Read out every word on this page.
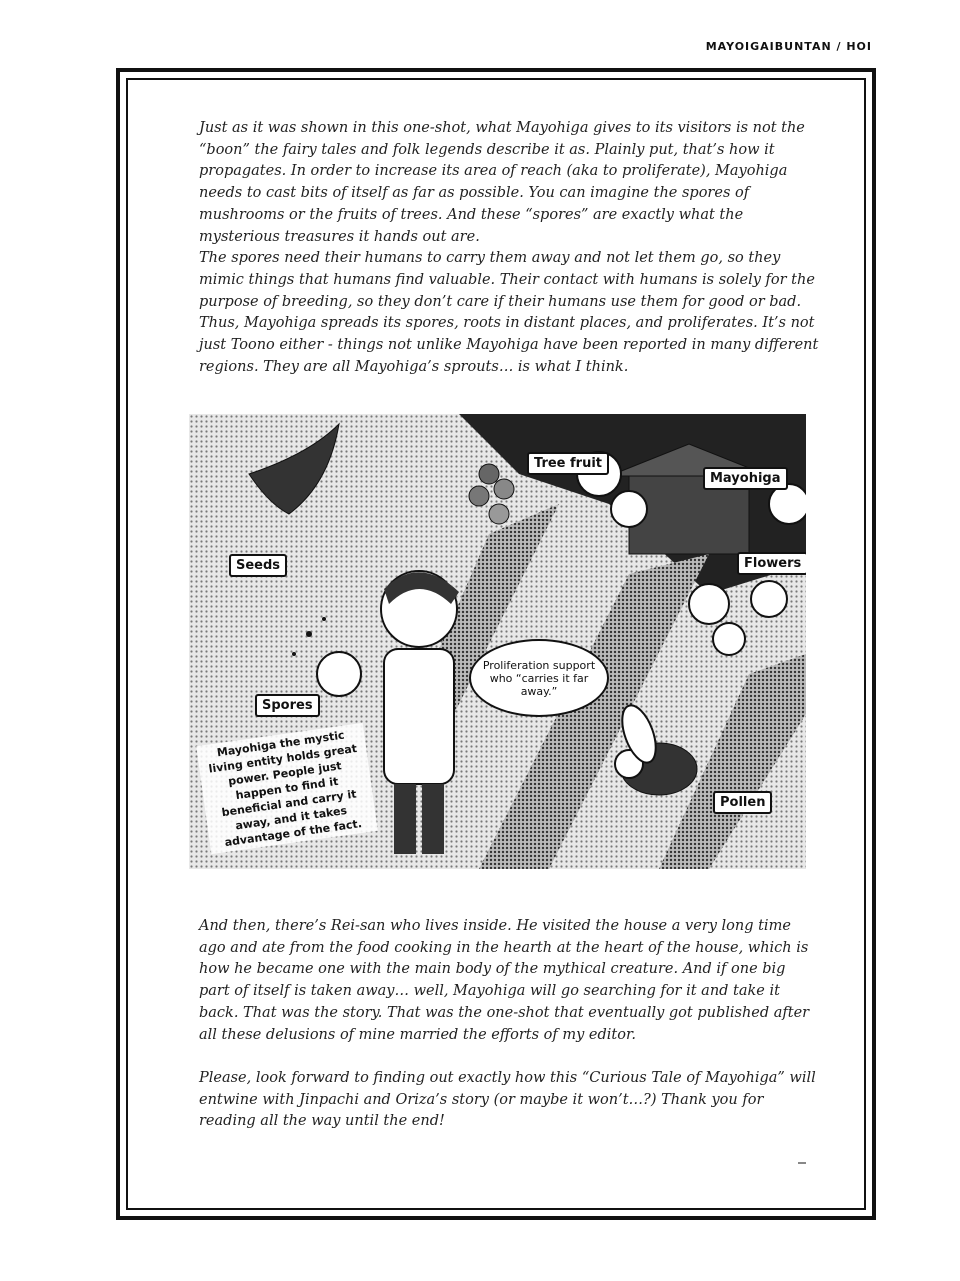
MAYOIGAIBUNTAN / HOI

Just as it was shown in this one-shot, what Mayohiga gives to its visitors is not the “boon” the fairy tales and folk legends describe it as. Plainly put, that’s how it propagates. In order to increase its area of reach (aka to proliferate), Mayohiga needs to cast bits of itself as far as possible. You can imagine the spores of mushrooms or the fruits of trees. And these “spores” are exactly what the mysterious treasures it hands out are.

The spores need their humans to carry them away and not let them go, so they mimic things that humans find valuable. Their contact with humans is solely for the purpose of breeding, so they don’t care if their humans use them for good or bad. Thus, Mayohiga spreads its spores, roots in distant places, and proliferates. It’s not just Toono either - things not unlike Mayohiga have been reported in many different regions. They are all Mayohiga’s sprouts… is what I think.

Tree fruit
Mayohiga
Seeds	Flowers
Spores
Pollen
Proliferation support who “carries it far away.”
Mayohiga the mystic living entity holds great power. People just happen to find it beneficial and carry it away, and it takes advantage of the fact.

And then, there’s Rei-san who lives inside. He visited the house a very long time ago and ate from the food cooking in the hearth at the heart of the house, which is how he became one with the main body of the mythical creature. And if one big part of itself is taken away… well, Mayohiga will go searching for it and take it back. That was the story. That was the one-shot that eventually got published after all these delusions of mine married the efforts of my editor.

Please, look forward to finding out exactly how this “Curious Tale of Mayohiga” will entwine with Jinpachi and Oriza’s story (or maybe it won’t…?) Thank you for reading all the way until the end!
